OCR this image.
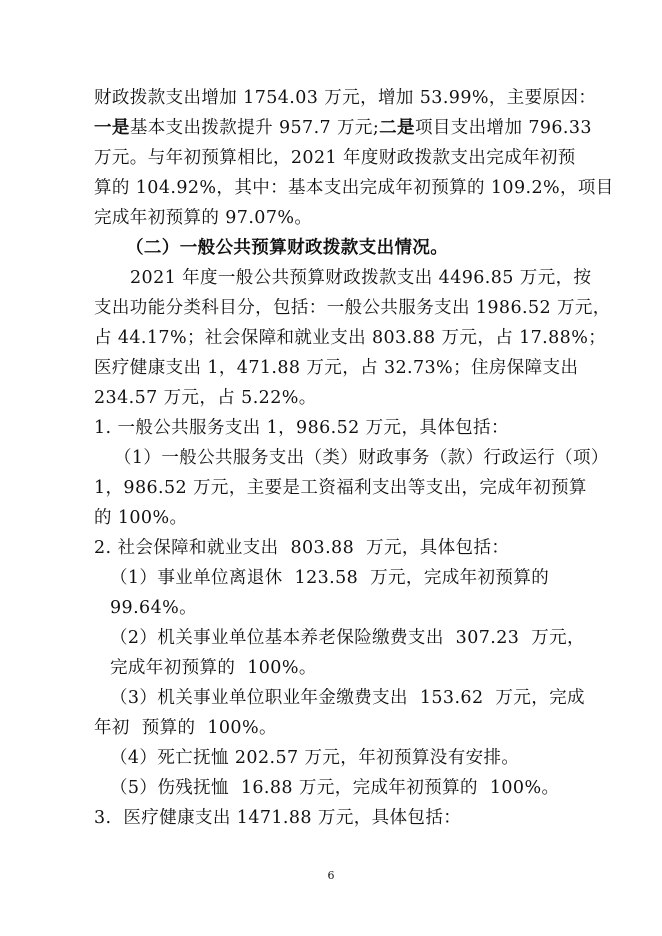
财政拨款支出增加 1754.03 万元，增加 53.99%，主要原因：
一是基本支出拨款提升 957.7 万元;二是项目支出增加 796.33
万元。与年初预算相比，2021 年度财政拨款支出完成年初预
算的 104.92%，其中：基本支出完成年初预算的 109.2%，项目
完成年初预算的 97.07%。
（二）一般公共预算财政拨款支出情况。
2021 年度一般公共预算财政拨款支出 4496.85 万元，按
支出功能分类科目分，包括：一般公共服务支出 1986.52 万元，
占 44.17%；社会保障和就业支出 803.88 万元，占 17.88%；
医疗健康支出 1，471.88 万元，占 32.73%；住房保障支出
234.57 万元，占 5.22%。
1. 一般公共服务支出 1，986.52 万元，具体包括：
（1）一般公共服务支出（类）财政事务（款）行政运行（项）
1，986.52 万元，主要是工资福利支出等支出，完成年初预算
的 100%。
2. 社会保障和就业支出  803.88  万元，具体包括：
（1）事业单位离退休  123.58  万元，完成年初预算的
99.64%。
（2）机关事业单位基本养老保险缴费支出  307.23  万元，
完成年初预算的  100%。
（3）机关事业单位职业年金缴费支出  153.62  万元，完成
年初  预算的  100%。
（4）死亡抚恤 202.57 万元，年初预算没有安排。
（5）伤残抚恤  16.88 万元，完成年初预算的  100%。
3.  医疗健康支出 1471.88 万元，具体包括：
6
